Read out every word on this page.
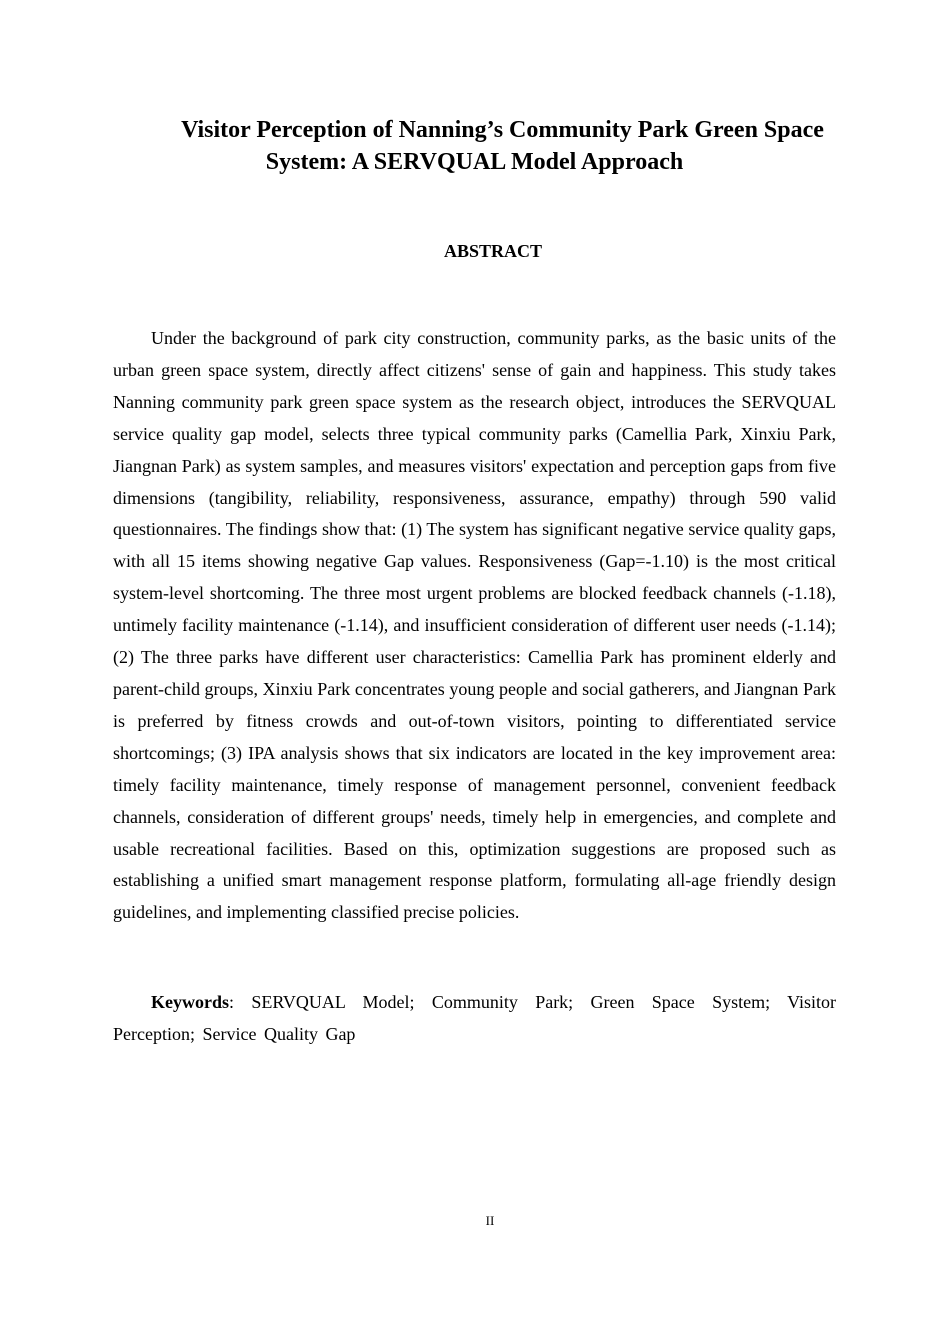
Visitor Perception of Nanning’s Community Park Green Space System: A SERVQUAL Model Approach
ABSTRACT

Under the background of park city construction, community parks, as the basic units of the urban green space system, directly affect citizens' sense of gain and happiness. This study takes Nanning community park green space system as the research object, introduces the SERVQUAL service quality gap model, selects three typical community parks (Camellia Park, Xinxiu Park, Jiangnan Park) as system samples, and measures visitors' expectation and perception gaps from five dimensions (tangibility, reliability, responsiveness, assurance, empathy) through 590 valid questionnaires. The findings show that: (1) The system has significant negative service quality gaps, with all 15 items showing negative Gap values. Responsiveness (Gap=-1.10) is the most critical system-level shortcoming. The three most urgent problems are blocked feedback channels (-1.18), untimely facility maintenance (-1.14), and insufficient consideration of different user needs (-1.14); (2) The three parks have different user characteristics: Camellia Park has prominent elderly and parent-child groups, Xinxiu Park concentrates young people and social gatherers, and Jiangnan Park is preferred by fitness crowds and out-of-town visitors, pointing to differentiated service shortcomings; (3) IPA analysis shows that six indicators are located in the key improvement area: timely facility maintenance, timely response of management personnel, convenient feedback channels, consideration of different groups' needs, timely help in emergencies, and complete and usable recreational facilities. Based on this, optimization suggestions are proposed such as establishing a unified smart management response platform, formulating all-age friendly design guidelines, and implementing classified precise policies.

Keywords: SERVQUAL Model; Community Park; Green Space System; Visitor Perception; Service Quality Gap

II
